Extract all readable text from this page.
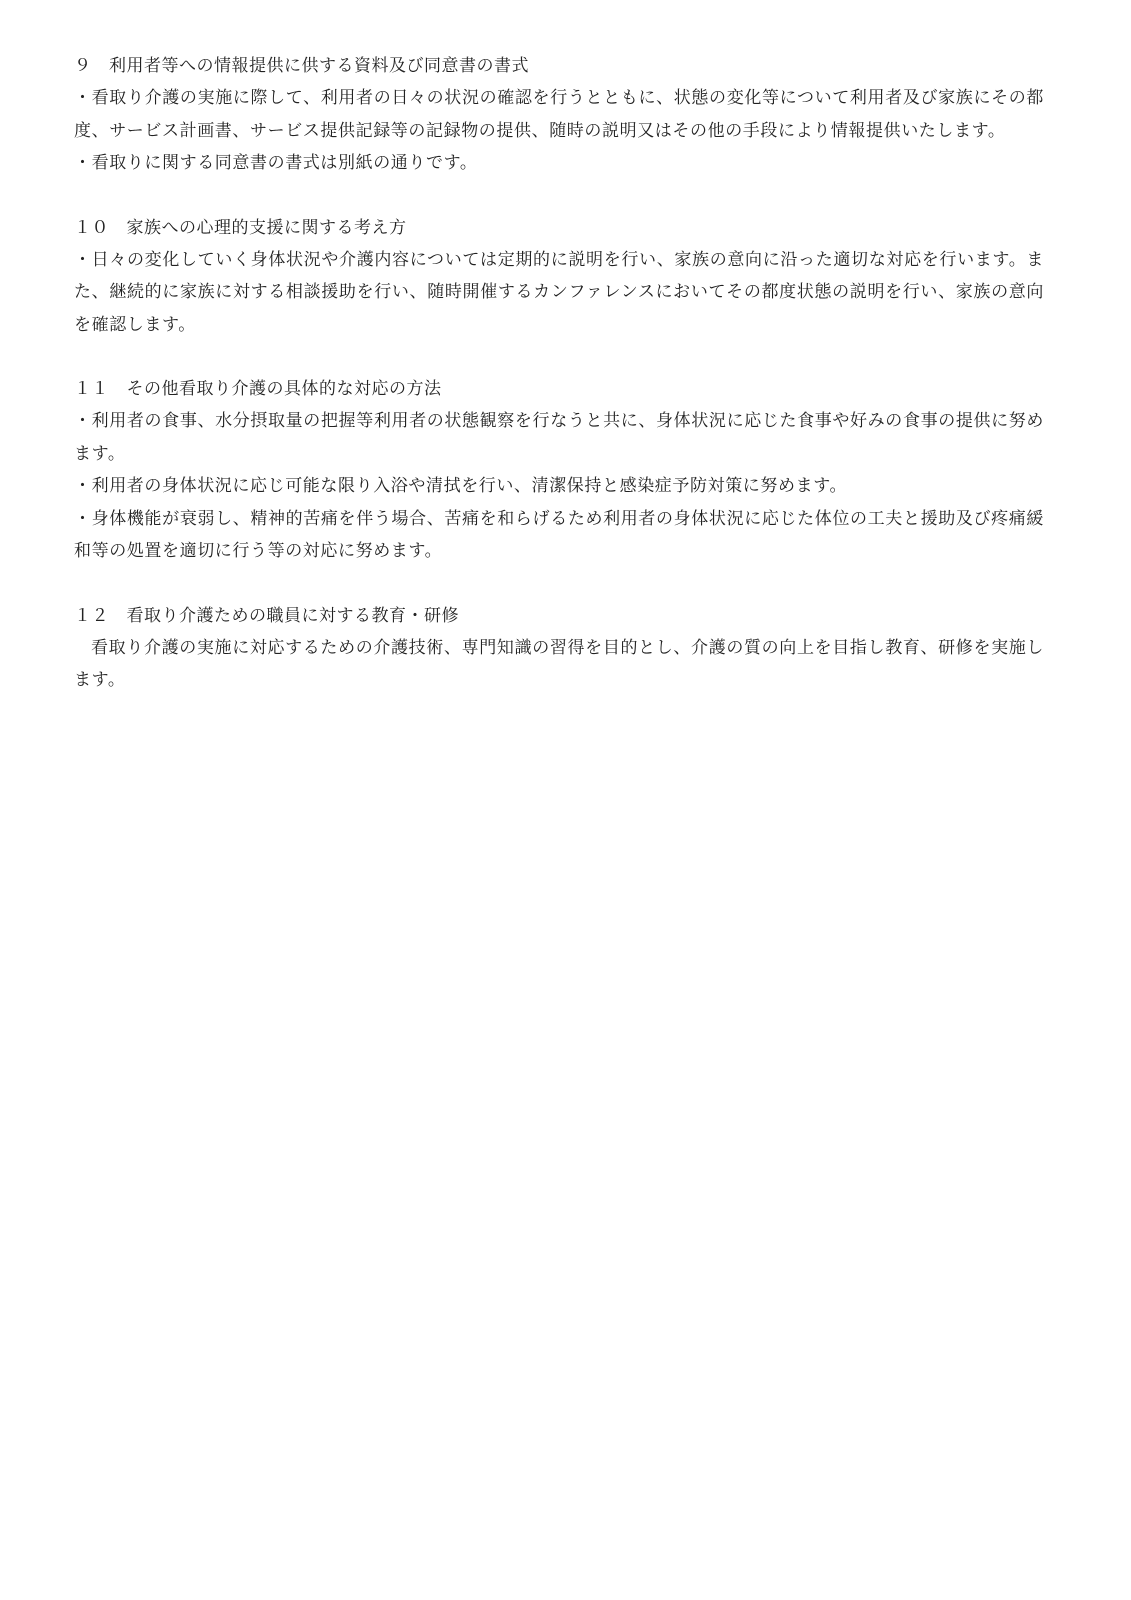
９　利用者等への情報提供に供する資料及び同意書の書式

・看取り介護の実施に際して、利用者の日々の状況の確認を行うとともに、状態の変化等について利用者及び家族にその都度、サービス計画書、サービス提供記録等の記録物の提供、随時の説明又はその他の手段により情報提供いたします。

・看取りに関する同意書の書式は別紙の通りです。

１０　家族への心理的支援に関する考え方

・日々の変化していく身体状況や介護内容については定期的に説明を行い、家族の意向に沿った適切な対応を行います。また、継続的に家族に対する相談援助を行い、随時開催するカンファレンスにおいてその都度状態の説明を行い、家族の意向を確認します。

１１　その他看取り介護の具体的な対応の方法

・利用者の食事、水分摂取量の把握等利用者の状態観察を行なうと共に、身体状況に応じた食事や好みの食事の提供に努めます。

・利用者の身体状況に応じ可能な限り入浴や清拭を行い、清潔保持と感染症予防対策に努めます。

・身体機能が衰弱し、精神的苦痛を伴う場合、苦痛を和らげるため利用者の身体状況に応じた体位の工夫と援助及び疼痛緩和等の処置を適切に行う等の対応に努めます。

１２　看取り介護ための職員に対する教育・研修

看取り介護の実施に対応するための介護技術、専門知識の習得を目的とし、介護の質の向上を目指し教育、研修を実施します。
